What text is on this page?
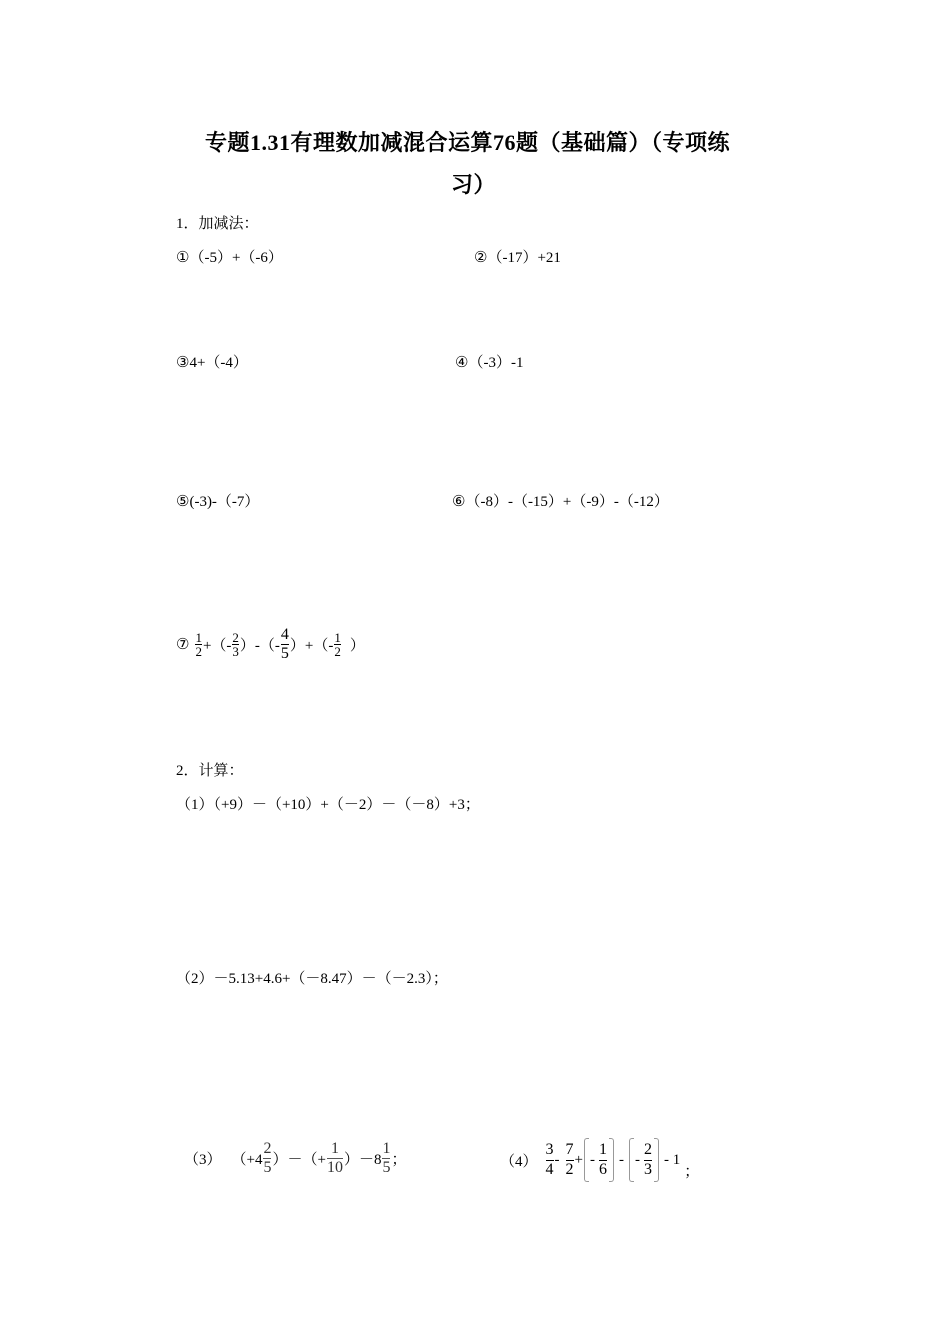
专题1.31有理数加减混合运算76题（基础篇）（专项练
习）
1．加减法：
①（-5）+（-6）	②（-17）+21
③4+（-4）	④（-3）-1
⑤(-3)-（-7）	⑥（-8）-（-15）+（-9）-（-12）
⑦ $\frac{1}{2}$ +（- $\frac{2}{3}$ ）-（- $\frac{4}{5}$ ）+（- $\frac{1}{2}$ ）
2．计算：
（1）（+9）－（+10）+（－2）－（－8）+3；
（2）－5.13+4.6+（－8.47）－（－2.3）；
（3） （$+4 \frac{2}{5}$ ）－（+ $\frac{1}{10} )-8 \frac{1}{5}$ ；	$(4) \frac{3}{4} - \frac{7}{2}$ + - $\frac{1}{6}$ - - $\frac{2}{3} - 1$
；
